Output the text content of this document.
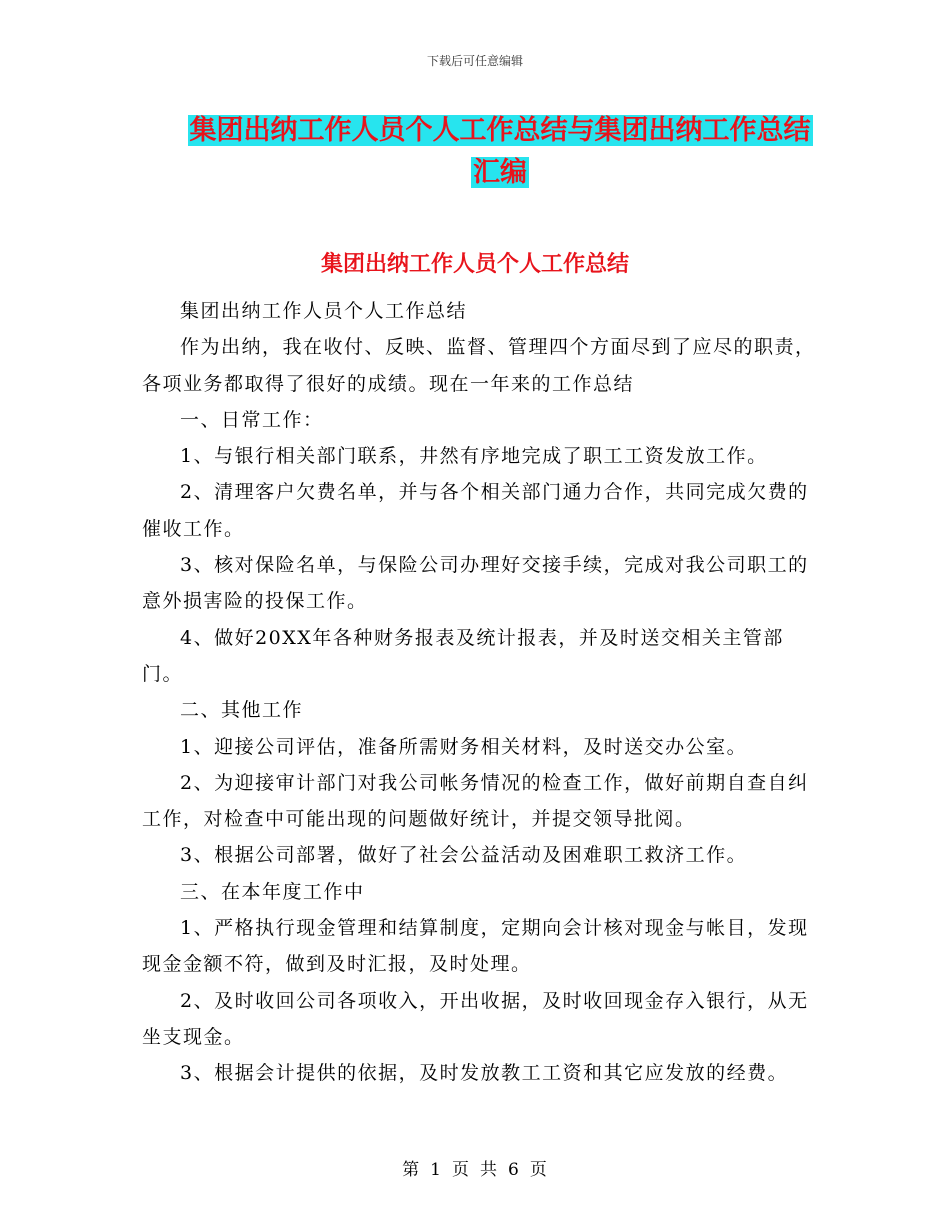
下载后可任意编辑
集团出纳工作人员个人工作总结与集团出纳工作总结
汇编
集团出纳工作人员个人工作总结

集团出纳工作人员个人工作总结

作为出纳，我在收付、反映、监督、管理四个方面尽到了应尽的职责，各项业务都取得了很好的成绩。现在一年来的工作总结

一、日常工作：

1、与银行相关部门联系，井然有序地完成了职工工资发放工作。

2、清理客户欠费名单，并与各个相关部门通力合作，共同完成欠费的催收工作。

3、核对保险名单，与保险公司办理好交接手续，完成对我公司职工的意外损害险的投保工作。

4、做好20XX年各种财务报表及统计报表，并及时送交相关主管部门。

二、其他工作

1、迎接公司评估，准备所需财务相关材料，及时送交办公室。

2、为迎接审计部门对我公司帐务情况的检查工作，做好前期自查自纠工作，对检查中可能出现的问题做好统计，并提交领导批阅。

3、根据公司部署，做好了社会公益活动及困难职工救济工作。

三、在本年度工作中

1、严格执行现金管理和结算制度，定期向会计核对现金与帐目，发现现金金额不符，做到及时汇报，及时处理。

2、及时收回公司各项收入，开出收据，及时收回现金存入银行，从无坐支现金。

3、根据会计提供的依据，及时发放教工工资和其它应发放的经费。

第 1 页 共 6 页
